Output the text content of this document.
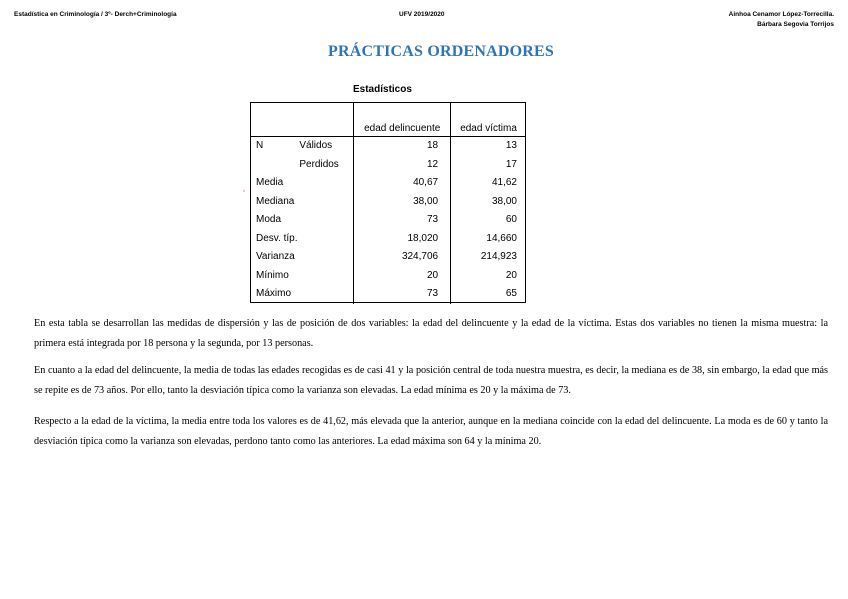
Estadística en Criminología / 3º- Derch+Criminología	UFV 2019/2020	Ainhoa Cenamor López-Torrecilla.
Bárbara Segovia Torrijos
PRÁCTICAS ORDENADORES
Estadísticos
›
		edad delincuente	edad víctima
N	Válidos	18	13
	Perdidos	12	17
Media		40,67	41,62
Mediana		38,00	38,00
Moda		73	60
Desv. típ.		18,020	14,660
Varianza		324,706	214,923
Mínimo		20	20
Máximo		73	65
En esta tabla se desarrollan las medidas de dispersión y las de posición de dos variables: la edad del delincuente y la edad de la víctima. Estas dos variables no tienen la misma muestra: la primera está integrada por 18 persona y la segunda, por 13 personas.
En cuanto a la edad del delincuente, la media de todas las edades recogidas es de casi 41 y la posición central de toda nuestra muestra, es decir, la mediana es de 38, sin embargo, la edad que más se repite es de 73 años. Por ello, tanto la desviación típica como la varianza son elevadas. La edad mínima es 20 y la máxima de 73.
Respecto a la edad de la víctima, la media entre toda los valores es de 41,62, más elevada que la anterior, aunque en la mediana coincide con la edad del delincuente. La moda es de 60 y tanto la desviación típica como la varianza son elevadas, perdono tanto como las anteriores. La edad máxima son 64 y la mínima 20.
